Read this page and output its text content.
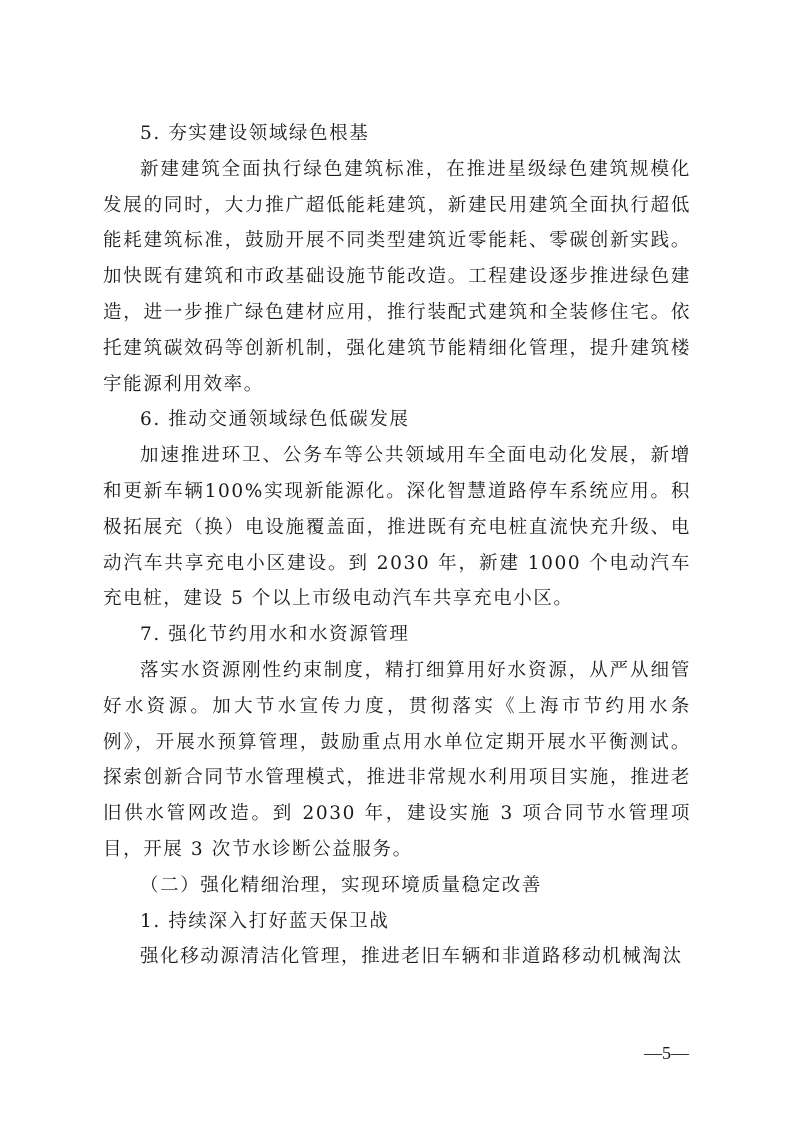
5. 夯实建设领域绿色根基

新建建筑全面执行绿色建筑标准，在推进星级绿色建筑规模化发展的同时，大力推广超低能耗建筑，新建民用建筑全面执行超低能耗建筑标准，鼓励开展不同类型建筑近零能耗、零碳创新实践。加快既有建筑和市政基础设施节能改造。工程建设逐步推进绿色建造，进一步推广绿色建材应用，推行装配式建筑和全装修住宅。依托建筑碳效码等创新机制，强化建筑节能精细化管理，提升建筑楼宇能源利用效率。

6. 推动交通领域绿色低碳发展

加速推进环卫、公务车等公共领域用车全面电动化发展，新增和更新车辆100%实现新能源化。深化智慧道路停车系统应用。积极拓展充（换）电设施覆盖面，推进既有充电桩直流快充升级、电动汽车共享充电小区建设。到 2030 年，新建 1000 个电动汽车充电桩，建设 5 个以上市级电动汽车共享充电小区。

7. 强化节约用水和水资源管理

落实水资源刚性约束制度，精打细算用好水资源，从严从细管好水资源。加大节水宣传力度，贯彻落实《上海市节约用水条例》，开展水预算管理，鼓励重点用水单位定期开展水平衡测试。探索创新合同节水管理模式，推进非常规水利用项目实施，推进老旧供水管网改造。到 2030 年，建设实施 3 项合同节水管理项目，开展 3 次节水诊断公益服务。

（二）强化精细治理，实现环境质量稳定改善

1. 持续深入打好蓝天保卫战

强化移动源清洁化管理，推进老旧车辆和非道路移动机械淘汰

—5—
